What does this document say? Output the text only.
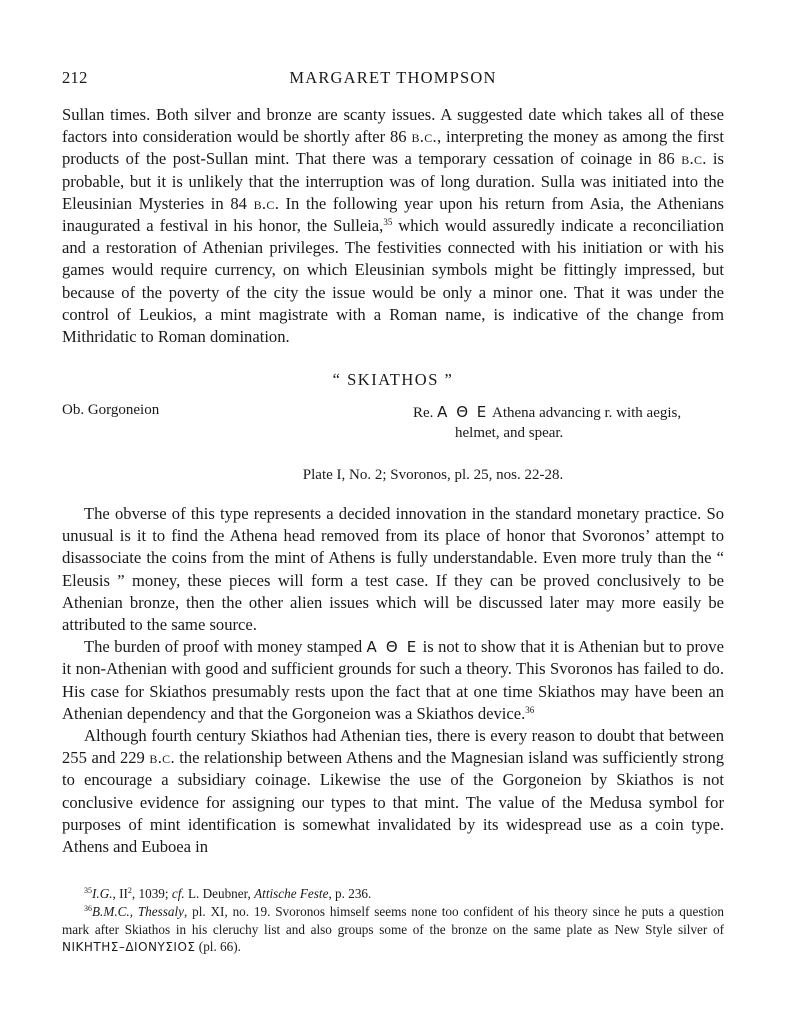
212	MARGARET THOMPSON

Sullan times. Both silver and bronze are scanty issues. A suggested date which takes all of these factors into consideration would be shortly after 86 b.c., interpreting the money as among the first products of the post-Sullan mint. That there was a temporary cessation of coinage in 86 b.c. is probable, but it is unlikely that the interruption was of long duration. Sulla was initiated into the Eleusinian Mysteries in 84 b.c. In the following year upon his return from Asia, the Athenians inaugurated a festival in his honor, the Sulleia,$^{35}$ which would assuredly indicate a reconciliation and a restoration of Athenian privileges. The festivities connected with his initiation or with his games would require currency, on which Eleusinian symbols might be fittingly impressed, but because of the poverty of the city the issue would be only a minor one. That it was under the control of Leukios, a mint magistrate with a Roman name, is indicative of the change from Mithridatic to Roman domination.

“ SKIATHOS ”
Ob. Gorgoneion	Re. Α Θ Ε Athena advancing r. with aegis,
helmet, and spear.
Plate I, No. 2; Svoronos, pl. 25, nos. 22-28.

The obverse of this type represents a decided innovation in the standard monetary practice. So unusual is it to find the Athena head removed from its place of honor that Svoronos’ attempt to disassociate the coins from the mint of Athens is fully understandable. Even more truly than the “ Eleusis ” money, these pieces will form a test case. If they can be proved conclusively to be Athenian bronze, then the other alien issues which will be discussed later may more easily be attributed to the same source.

The burden of proof with money stamped Α Θ Ε is not to show that it is Athenian but to prove it non-Athenian with good and sufficient grounds for such a theory. This Svoronos has failed to do. His case for Skiathos presumably rests upon the fact that at one time Skiathos may have been an Athenian dependency and that the Gorgoneion was a Skiathos device.$^{36}$

Although fourth century Skiathos had Athenian ties, there is every reason to doubt that between 255 and 229 b.c. the relationship between Athens and the Magnesian island was sufficiently strong to encourage a subsidiary coinage. Likewise the use of the Gorgoneion by Skiathos is not conclusive evidence for assigning our types to that mint. The value of the Medusa symbol for purposes of mint identification is somewhat invalidated by its widespread use as a coin type. Athens and Euboea in

$^{35}$I.G., $II^2$, 1039; cf. L. Deubner, Attische Feste, p. 236.

$^{36}$B.M.C., Thessaly, pl. XI, no. 19. Svoronos himself seems none too confident of his theory since he puts a question mark after Skiathos in his cleruchy list and also groups some of the bronze on the same plate as New Style silver of ΝΙΚΗΤΗΣ–ΔΙΟΝΥΣΙΟΣ (pl. 66).
